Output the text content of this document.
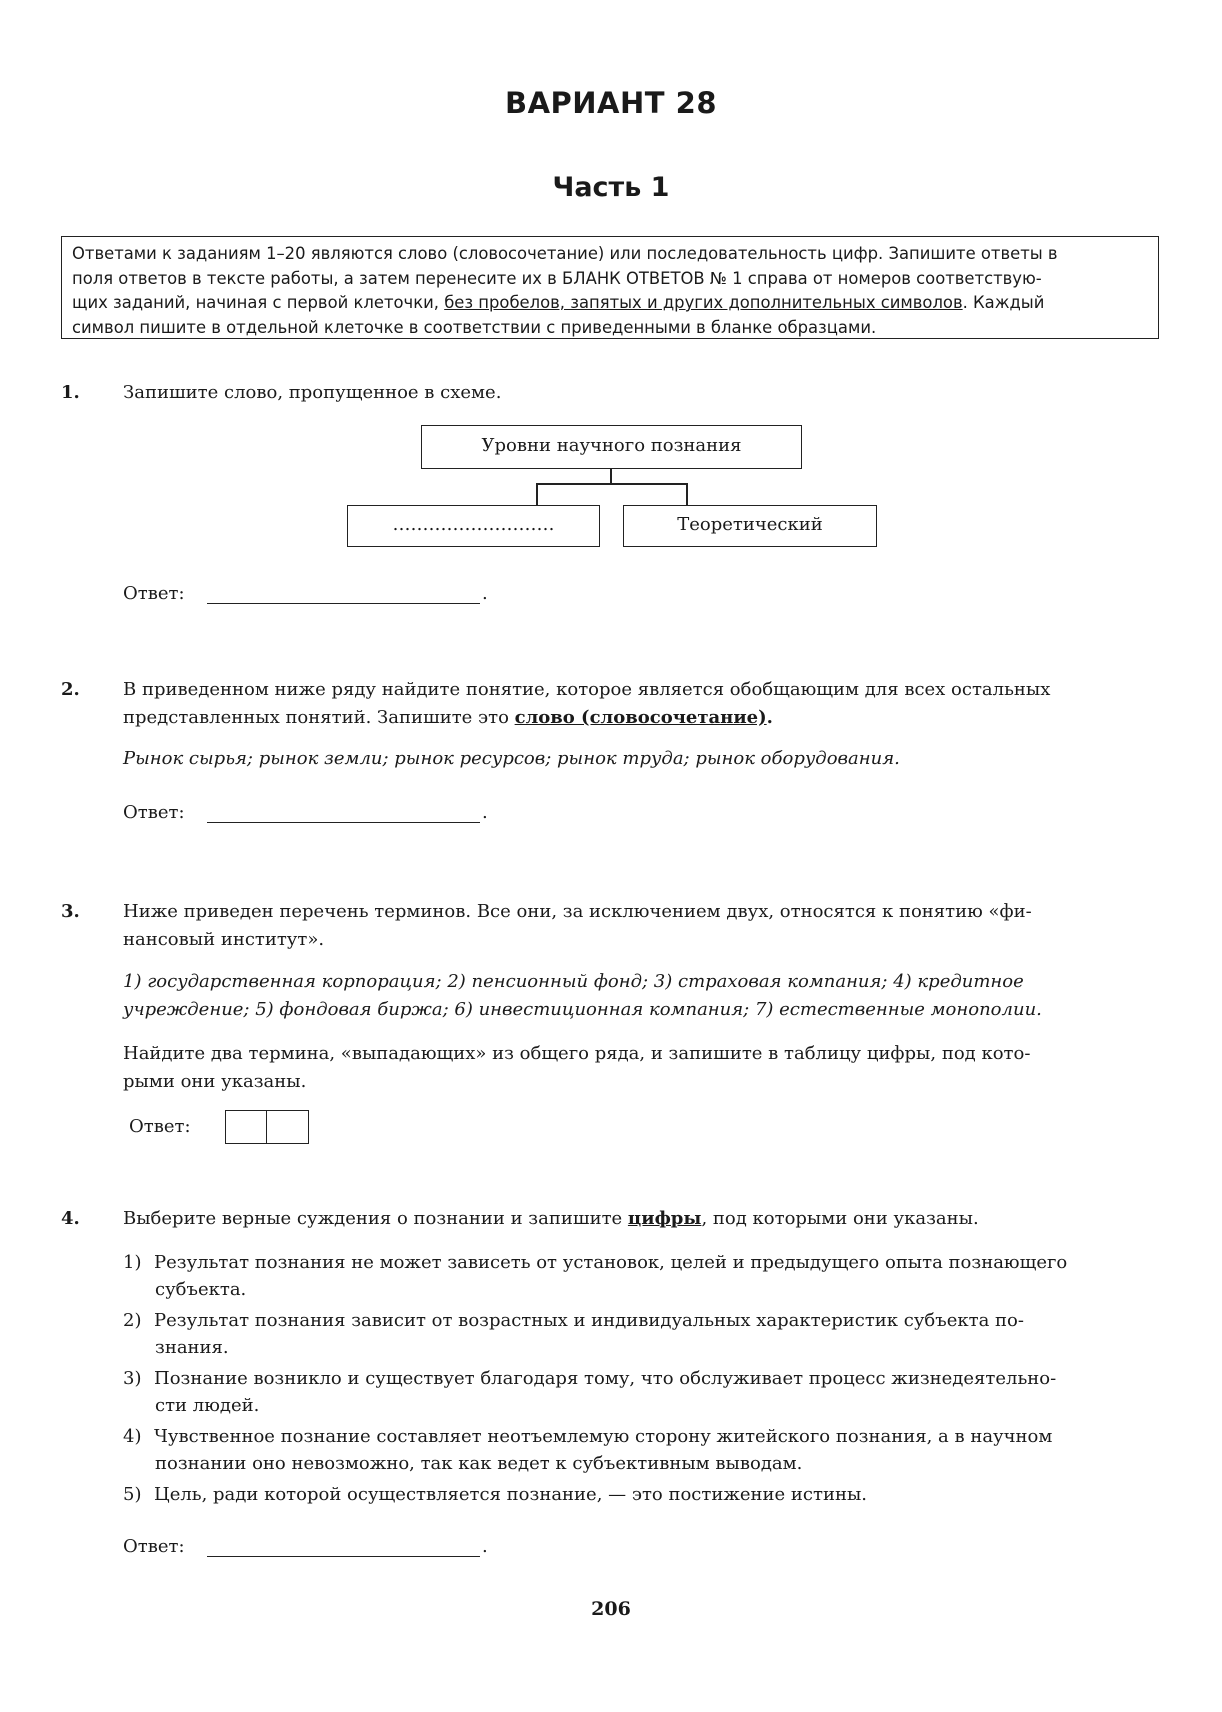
ВАРИАНТ 28
Часть 1
Ответами к заданиям 1–20 являются слово (словосочетание) или последовательность цифр. Запишите ответы в
поля ответов в тексте работы, а затем перенесите их в БЛАНК ОТВЕТОВ № 1 справа от номеров соответствую-
щих заданий, начиная с первой клеточки, без пробелов, запятых и других дополнительных символов. Каждый
символ пишите в отдельной клеточке в соответствии с приведенными в бланке образцами.
1. Запишите слово, пропущенное в схеме.
Уровни научного познания
………………………	Теоретический
Ответ:	.
2. В приведенном ниже ряду найдите понятие, которое является обобщающим для всех остальных
представленных понятий. Запишите это слово (словосочетание).
Рынок сырья; рынок земли; рынок ресурсов; рынок труда; рынок оборудования.
Ответ:	.
3. Ниже приведен перечень терминов. Все они, за исключением двух, относятся к понятию «фи-
нансовый институт».
1) государственная корпорация; 2) пенсионный фонд; 3) страховая компания; 4) кредитное
учреждение; 5) фондовая биржа; 6) инвестиционная компания; 7) естественные монополии.
Найдите два термина, «выпадающих» из общего ряда, и запишите в таблицу цифры, под кото-
рыми они указаны.
Ответ:
4. Выберите верные суждения о познании и запишите цифры, под которыми они указаны.
1) Результат познания не может зависеть от установок, целей и предыдущего опыта познающего
субъекта.
2) Результат познания зависит от возрастных и индивидуальных характеристик субъекта по-
знания.
3) Познание возникло и существует благодаря тому, что обслуживает процесс жизнедеятельно-
сти людей.
4) Чувственное познание составляет неотъемлемую сторону житейского познания, а в научном
познании оно невозможно, так как ведет к субъективным выводам.
5) Цель, ради которой осуществляется познание, — это постижение истины.
Ответ:	.
206
